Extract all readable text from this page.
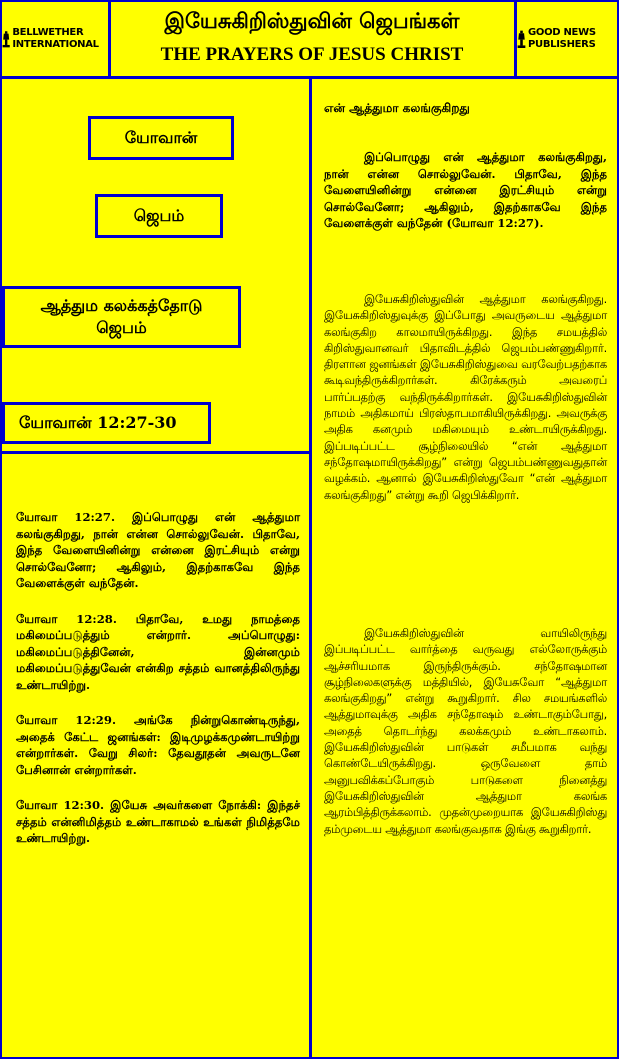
BELLWETHER INTERNATIONAL
இயேசுகிறிஸ்துவின் ஜெபங்கள்
THE PRAYERS OF JESUS CHRIST
GOOD NEWS PUBLISHERS
யோவான்
ஜெபம்
ஆத்தும கலக்கத்தோடு
ஜெபம்
யோவான் 12:27-30

யோவா 12:27. இப்பொழுது என் ஆத்துமா கலங்குகிறது, நான் என்ன சொல்லுவேன். பிதாவே, இந்த வேளையினின்று என்னை இரட்சியும் என்று சொல்வேனோ; ஆகிலும், இதற்காகவே இந்த வேளைக்குள் வந்தேன்.

யோவா 12:28. பிதாவே, உமது நாமத்தை மகிமைப்படுத்தும் என்றார். அப்பொழுது: மகிமைப்படுத்தினேன், இன்னமும் மகிமைப்படுத்துவேன் என்கிற சத்தம் வானத்திலிருந்து உண்டாயிற்று.

யோவா 12:29. அங்கே நின்றுகொண்டிருந்து, அதைக் கேட்ட ஜனங்கள்: இடிமுழக்கமுண்டாயிற்று என்றார்கள். வேறு சிலர்: தேவதூதன் அவருடனே பேசினான் என்றார்கள்.

யோவா 12:30. இயேசு அவர்களை நோக்கி: இந்தச் சத்தம் என்னிமித்தம் உண்டாகாமல் உங்கள் நிமித்தமே உண்டாயிற்று.

என் ஆத்துமா கலங்குகிறது
இப்பொழுது என் ஆத்துமா கலங்குகிறது, நான் என்ன சொல்லுவேன். பிதாவே, இந்த வேளையினின்று என்னை இரட்சியும் என்று சொல்வேனோ; ஆகிலும், இதற்காகவே இந்த வேளைக்குள் வந்தேன் (யோவா 12:27).
இயேசுகிறிஸ்துவின் ஆத்துமா கலங்குகிறது. இயேசுகிறிஸ்துவுக்கு இப்போது அவருடைய ஆத்துமா கலங்குகிற காலமாயிருக்கிறது. இந்த சமயத்தில் கிறிஸ்துவானவர் பிதாவிடத்தில் ஜெபம்பண்ணுகிறார். திரளான ஜனங்கள் இயேசுகிறிஸ்துவை வரவேற்பதற்காக கூடிவந்திருக்கிறார்கள். கிரேக்கரும் அவரைப் பார்ப்பதற்கு வந்திருக்கிறார்கள். இயேசுகிறிஸ்துவின் நாமம் அதிகமாய் பிரஸ்தாபமாகியிருக்கிறது. அவருக்கு அதிக கனமும் மகிமையும் உண்டாயிருக்கிறது. இப்படிப்பட்ட சூழ்நிலையில் “என் ஆத்துமா சந்தோஷமாயிருக்கிறது” என்று ஜெபம்பண்ணுவதுதான் வழக்கம். ஆனால் இயேசுகிறிஸ்துவோ “என் ஆத்துமா கலங்குகிறது” என்று கூறி ஜெபிக்கிறார்.
இயேசுகிறிஸ்துவின் வாயிலிருந்து இப்படிப்பட்ட வார்த்தை வருவது எல்லோருக்கும் ஆச்சரியமாக இருந்திருக்கும். சந்தோஷமான சூழ்நிலைகளுக்கு மத்தியில், இயேசுவோ “ஆத்துமா கலங்குகிறது” என்று கூறுகிறார். சில சமயங்களில் ஆத்துமாவுக்கு அதிக சந்தோஷம் உண்டாகும்போது, அதைத் தொடர்ந்து கலக்கமும் உண்டாகலாம். இயேசுகிறிஸ்துவின் பாடுகள் சமீபமாக வந்து கொண்டேயிருக்கிறது. ஒருவேளை தாம் அனுபவிக்கப்போகும் பாடுகளை நினைத்து இயேசுகிறிஸ்துவின் ஆத்துமா கலங்க ஆரம்பித்திருக்கலாம். முதன்முறையாக இயேசுகிறிஸ்து தம்முடைய ஆத்துமா கலங்குவதாக இங்கு கூறுகிறார்.
